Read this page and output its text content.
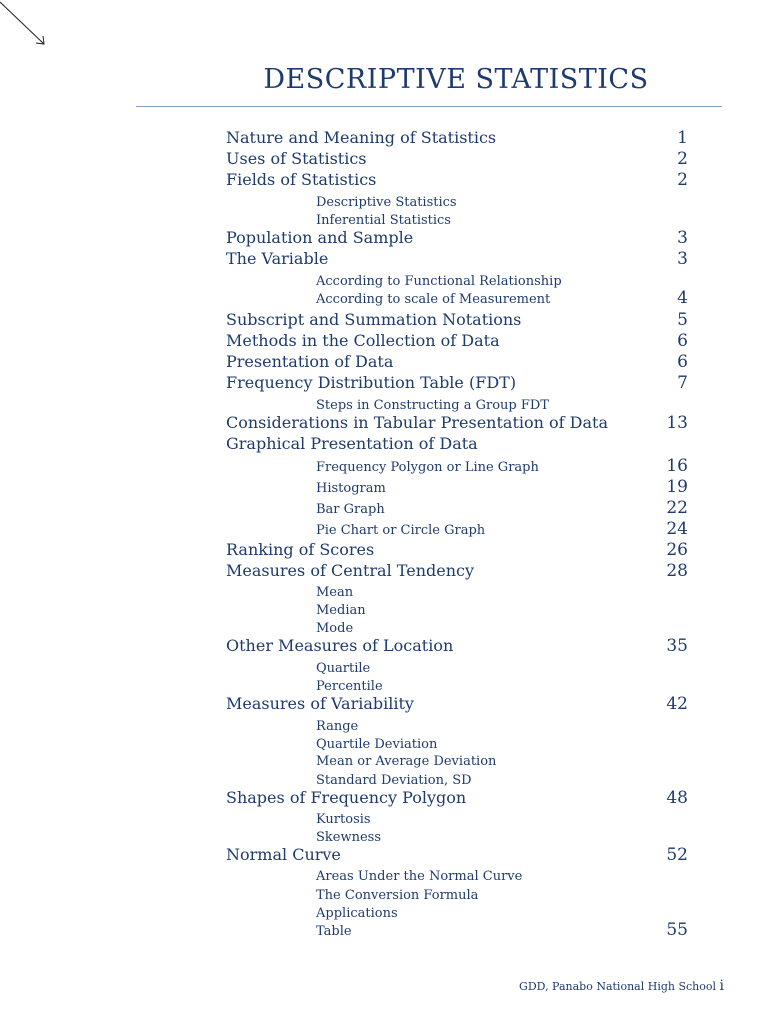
DESCRIPTIVE STATISTICS
Nature and Meaning of Statistics	1
Uses of Statistics	2
Fields of Statistics	2
Descriptive Statistics
Inferential Statistics
Population and Sample	3
The Variable	3
According to Functional Relationship
According to scale of Measurement	4
Subscript and Summation Notations	5
Methods in the Collection of Data	6
Presentation of Data	6
Frequency Distribution Table (FDT)	7
Steps in Constructing a Group FDT
Considerations in Tabular Presentation of Data	13
Graphical Presentation of Data
Frequency Polygon or Line Graph	16
Histogram	19
Bar Graph	22
Pie Chart or Circle Graph	24
Ranking of Scores	26
Measures of Central Tendency	28
Mean
Median
Mode
Other Measures of Location	35
Quartile
Percentile
Measures of Variability	42
Range
Quartile Deviation
Mean or Average Deviation
Standard Deviation, SD
Shapes of Frequency Polygon	48
Kurtosis
Skewness
Normal Curve	52
Areas Under the Normal Curve
The Conversion Formula
Applications
Table	55
GDD, Panabo National High School i
